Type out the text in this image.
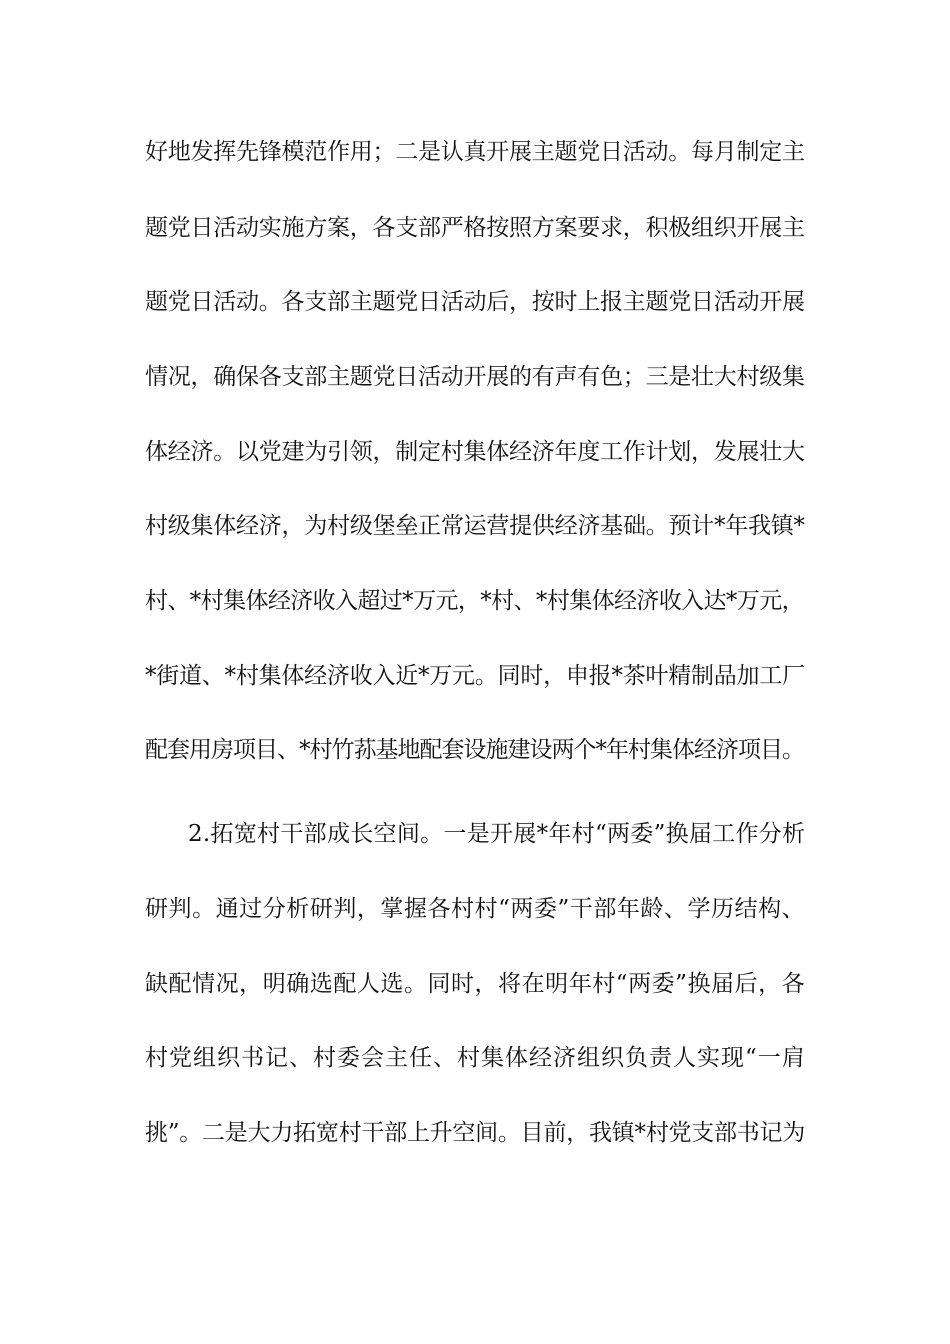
好地发挥先锋模范作用；二是认真开展主题党日活动。每月制定主
题党日活动实施方案，各支部严格按照方案要求，积极组织开展主
题党日活动。各支部主题党日活动后，按时上报主题党日活动开展
情况，确保各支部主题党日活动开展的有声有色；三是壮大村级集
体经济。以党建为引领，制定村集体经济年度工作计划，发展壮大
村级集体经济，为村级堡垒正常运营提供经济基础。预计*年我镇*
村、*村集体经济收入超过*万元，*村、*村集体经济收入达*万元，
*街道、*村集体经济收入近*万元。同时，申报*茶叶精制品加工厂
配套用房项目、*村竹荪基地配套设施建设两个*年村集体经济项目。
2.拓宽村干部成长空间。一是开展*年村“两委”换届工作分析
研判。通过分析研判，掌握各村村“两委”干部年龄、学历结构、
缺配情况，明确选配人选。同时，将在明年村“两委”换届后，各
村党组织书记、村委会主任、村集体经济组织负责人实现“一肩
挑”。二是大力拓宽村干部上升空间。目前，我镇*村党支部书记为
